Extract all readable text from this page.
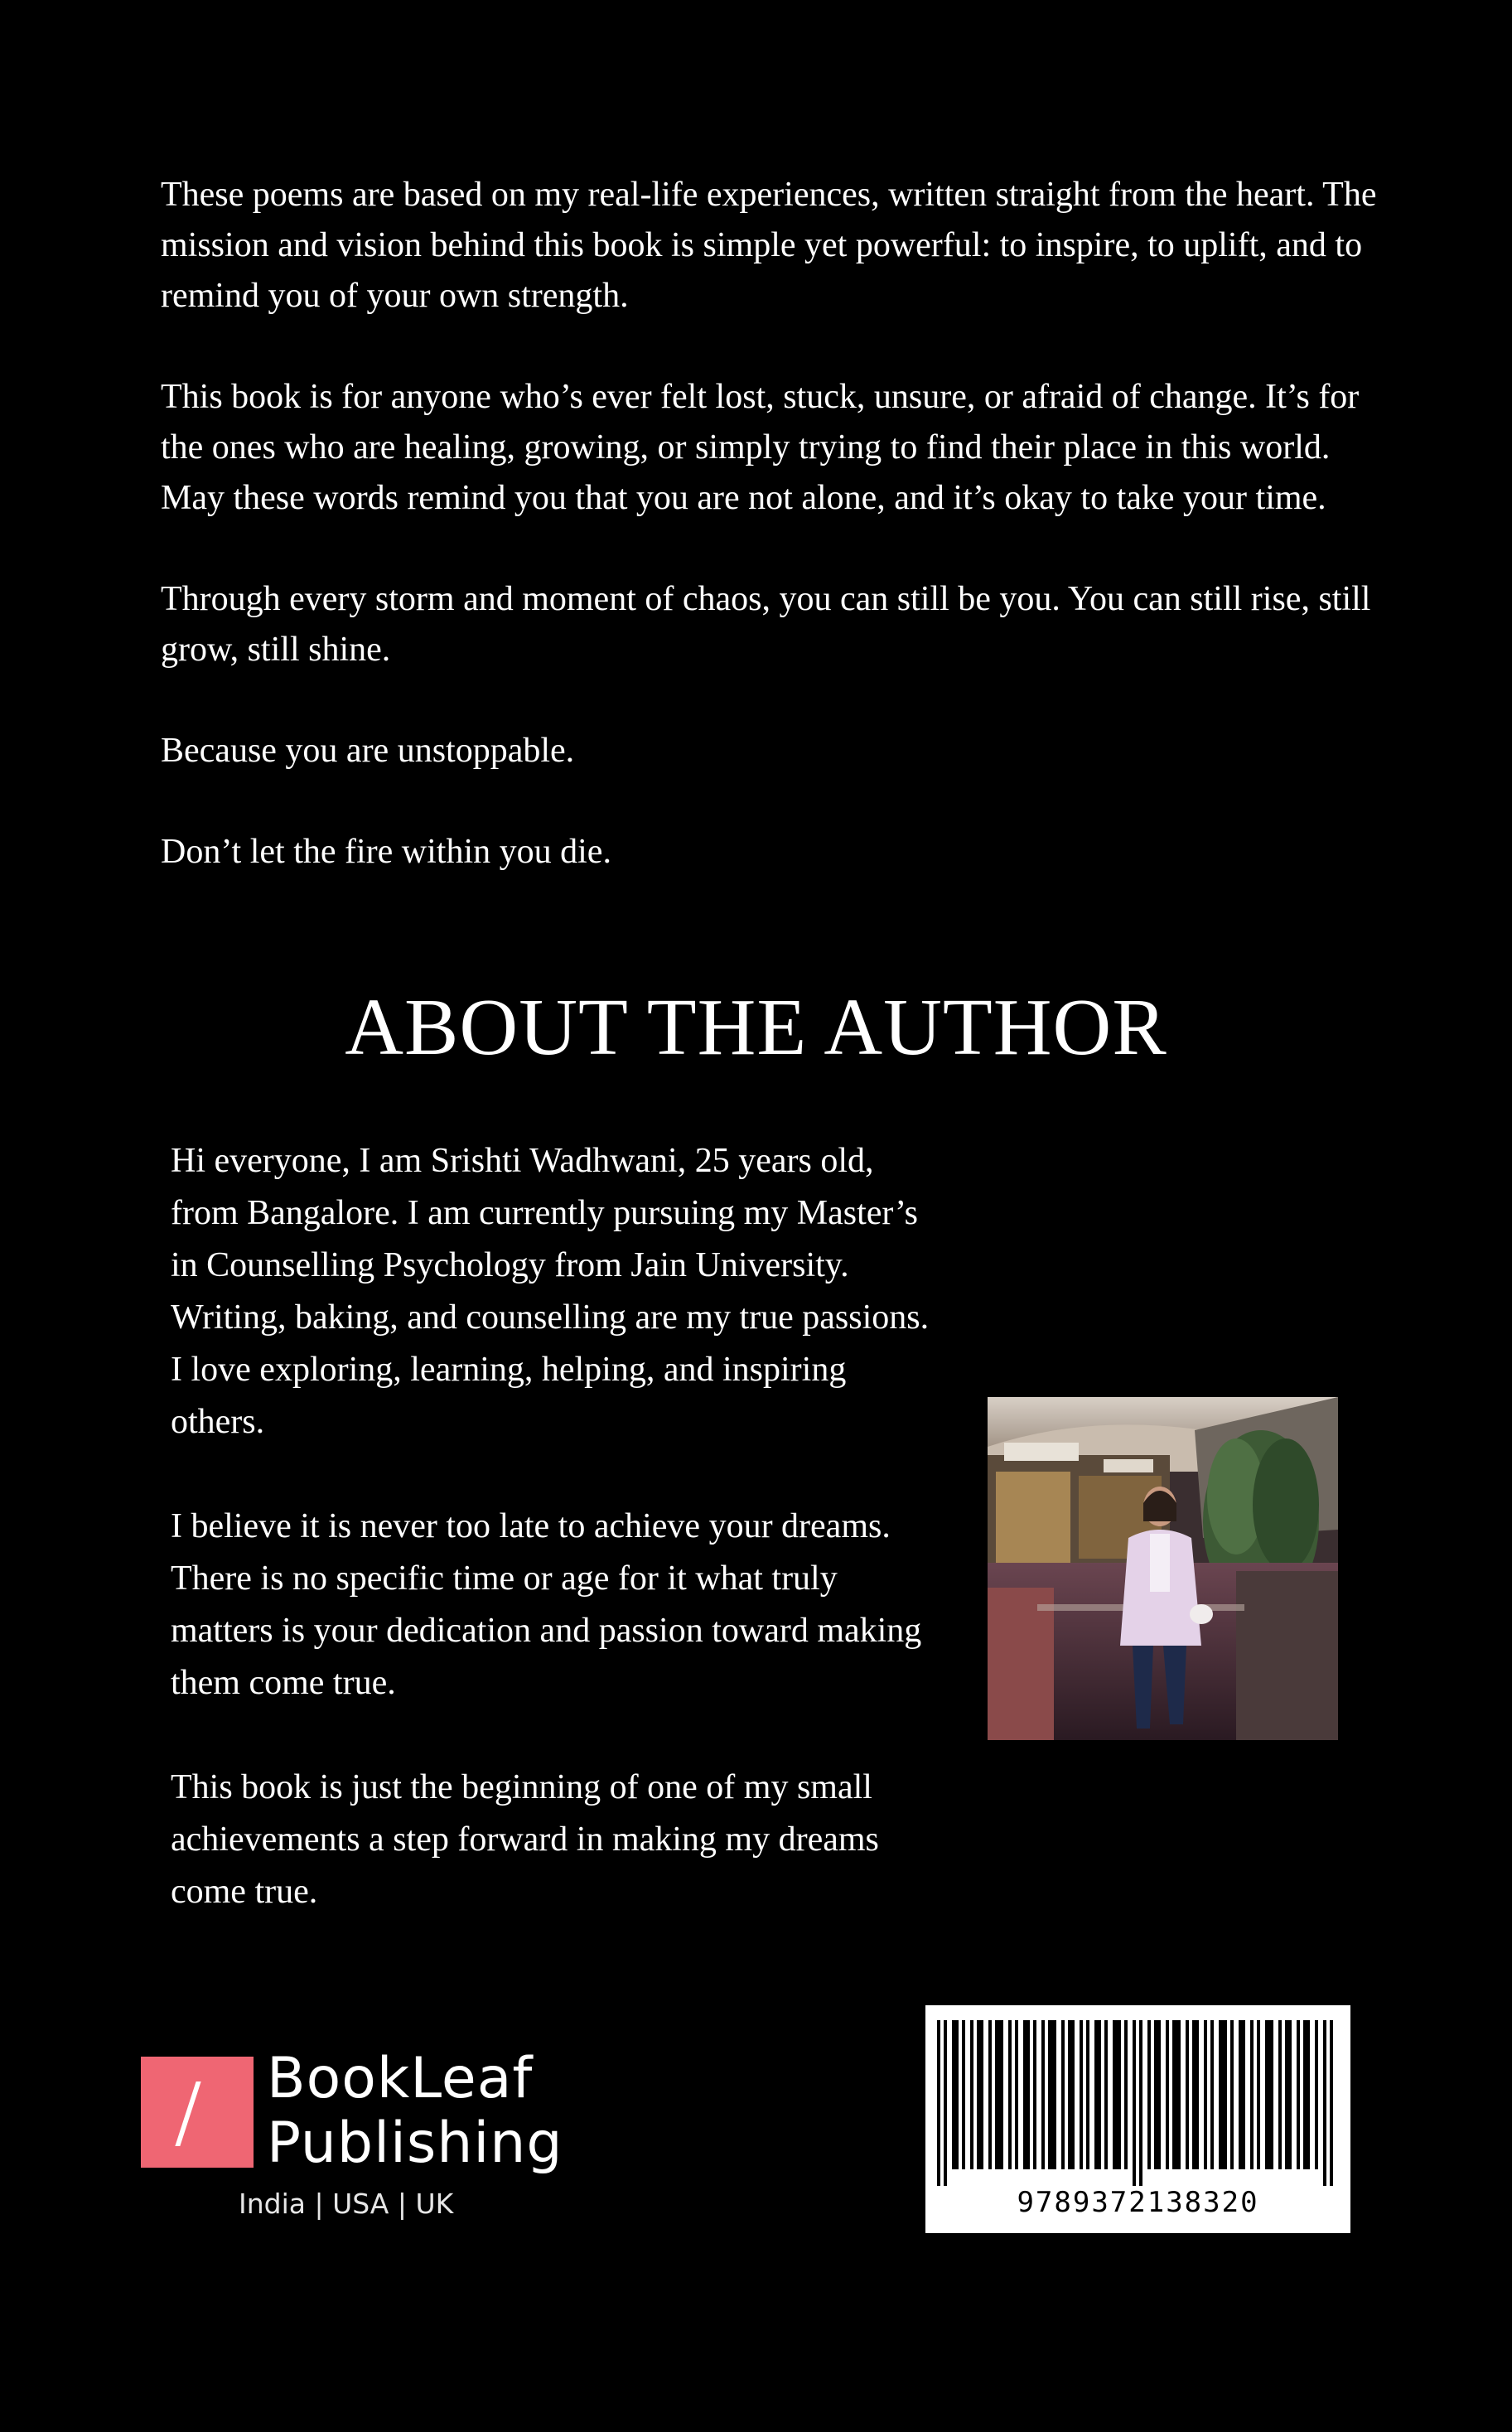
These poems are based on my real-life experiences, written straight from the heart. The mission and vision behind this book is simple yet powerful: to inspire, to uplift, and to remind you of your own strength.

This book is for anyone who’s ever felt lost, stuck, unsure, or afraid of change. It’s for the ones who are healing, growing, or simply trying to find their place in this world. May these words remind you that you are not alone, and it’s okay to take your time.

Through every storm and moment of chaos, you can still be you. You can still rise, still grow, still shine.

Because you are unstoppable.

Don’t let the fire within you die.

ABOUT THE AUTHOR

Hi everyone, I am Srishti Wadhwani, 25 years old, from Bangalore. I am currently pursuing my Master’s in Counselling Psychology from Jain University. Writing, baking, and counselling are my true passions. I love exploring, learning, helping, and inspiring others.

I believe it is never too late to achieve your dreams. There is no specific time or age for it what truly matters is your dedication and passion toward making them come true.

This book is just the beginning of one of my small achievements a step forward in making my dreams come true.

BookLeaf
Publishing
India | USA | UK	9789372138320
